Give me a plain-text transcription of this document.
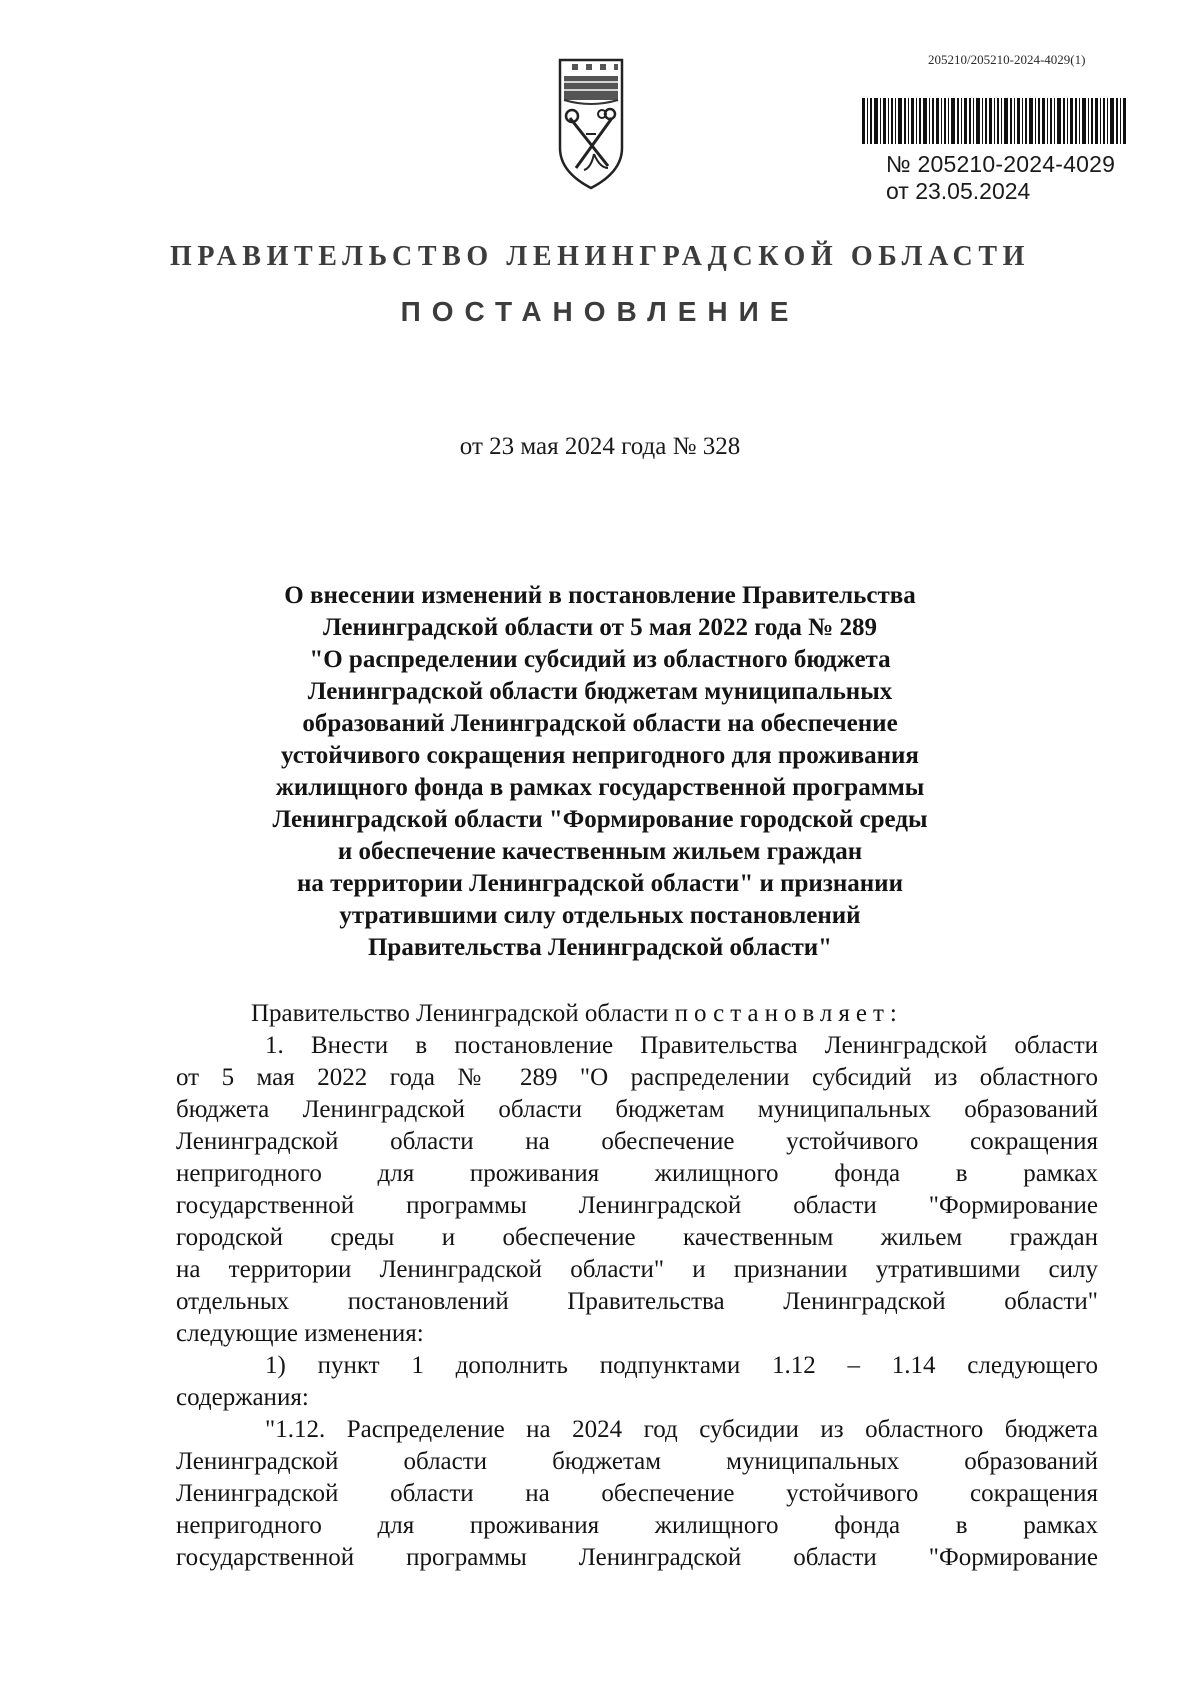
205210/205210-2024-4029(1)
№ 205210-2024-4029
от 23.05.2024
ПРАВИТЕЛЬСТВО ЛЕНИНГРАДСКОЙ ОБЛАСТИ
ПОСТАНОВЛЕНИЕ
от 23 мая 2024 года № 328
О внесении изменений в постановление Правительства
Ленинградской области от 5 мая 2022 года № 289
"О распределении субсидий из областного бюджета
Ленинградской области бюджетам муниципальных
образований Ленинградской области на обеспечение
устойчивого сокращения непригодного для проживания
жилищного фонда в рамках государственной программы
Ленинградской области "Формирование городской среды
и обеспечение качественным жильем граждан
на территории Ленинградской области" и признании
утратившими силу отдельных постановлений
Правительства Ленинградской области"
Правительство Ленинградской области постановляет:
1. Внести в постановление Правительства Ленинградской области
от 5 мая 2022 года № 289 "О распределении субсидий из областного
бюджета Ленинградской области бюджетам муниципальных образований
Ленинградской области на обеспечение устойчивого сокращения
непригодного для проживания жилищного фонда в рамках
государственной программы Ленинградской области "Формирование
городской среды и обеспечение качественным жильем граждан
на территории Ленинградской области" и признании утратившими силу
отдельных постановлений Правительства Ленинградской области"
следующие изменения:
1) пункт 1 дополнить подпунктами 1.12 – 1.14 следующего
содержания:
"1.12. Распределение на 2024 год субсидии из областного бюджета
Ленинградской области бюджетам муниципальных образований
Ленинградской области на обеспечение устойчивого сокращения
непригодного для проживания жилищного фонда в рамках
государственной программы Ленинградской области "Формирование
